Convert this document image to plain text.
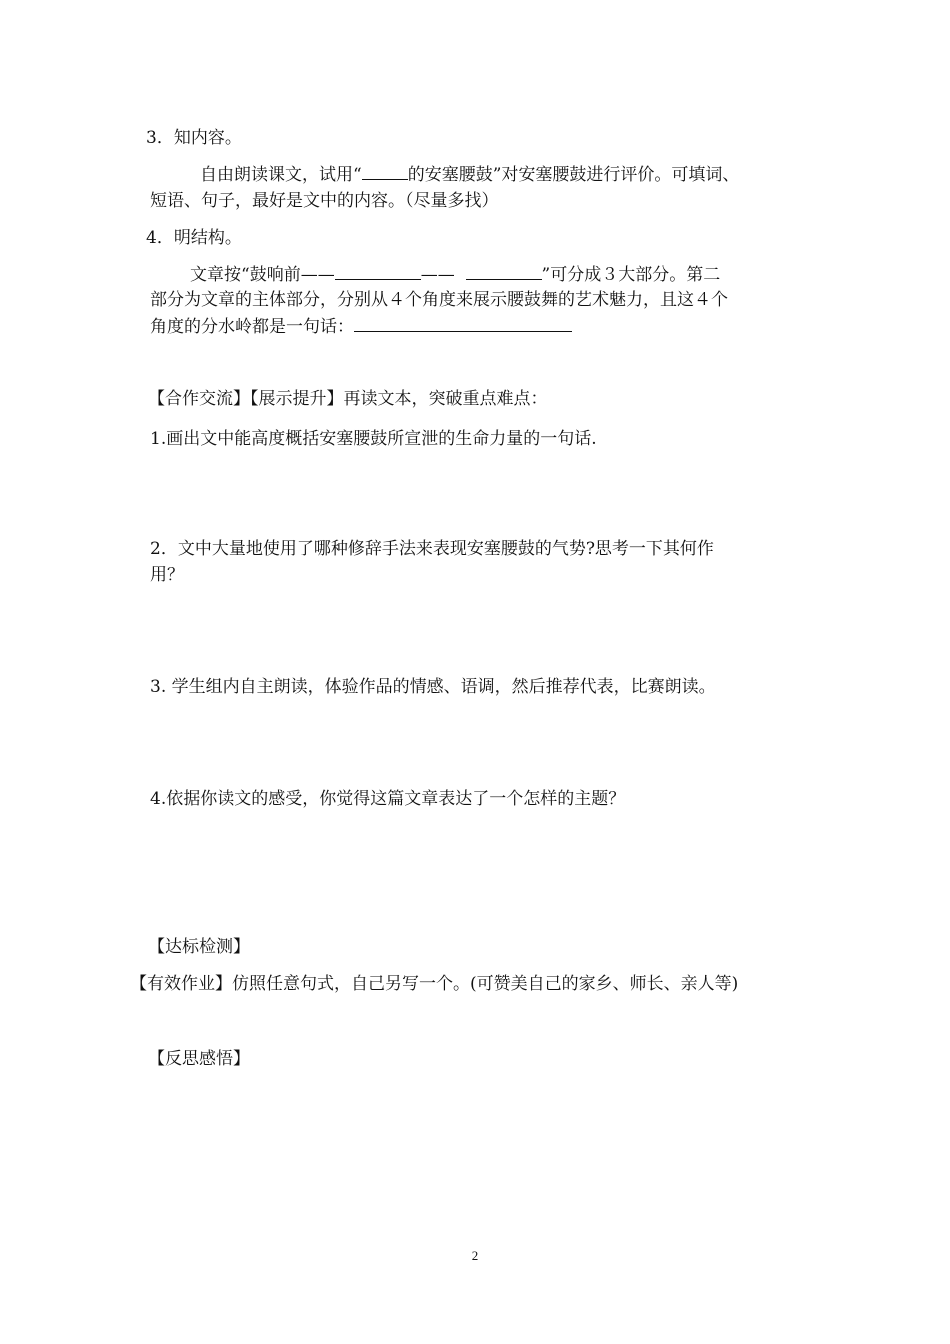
3．知内容。
自由朗读课文，试用“	的安塞腰鼓”对安塞腰鼓进行评价。可填词、
短语、句子，最好是文中的内容。（尽量多找）
4．明结构。
文章按“鼓响前——	——	”可分成３大部分。第二
部分为文章的主体部分，分别从４个角度来展示腰鼓舞的艺术魅力，且这４个
角度的分水岭都是一句话：
【合作交流】【展示提升】再读文本，突破重点难点：
1.画出文中能高度概括安塞腰鼓所宣泄的生命力量的一句话.
2．文中大量地使用了哪种修辞手法来表现安塞腰鼓的气势?思考一下其何作
用？
3. 学生组内自主朗读，体验作品的情感、语调，然后推荐代表，比赛朗读。
4.依据你读文的感受，你觉得这篇文章表达了一个怎样的主题？
【达标检测】
【有效作业】仿照任意句式，自己另写一个。(可赞美自己的家乡、师长、亲人等)
【反思感悟】
2
